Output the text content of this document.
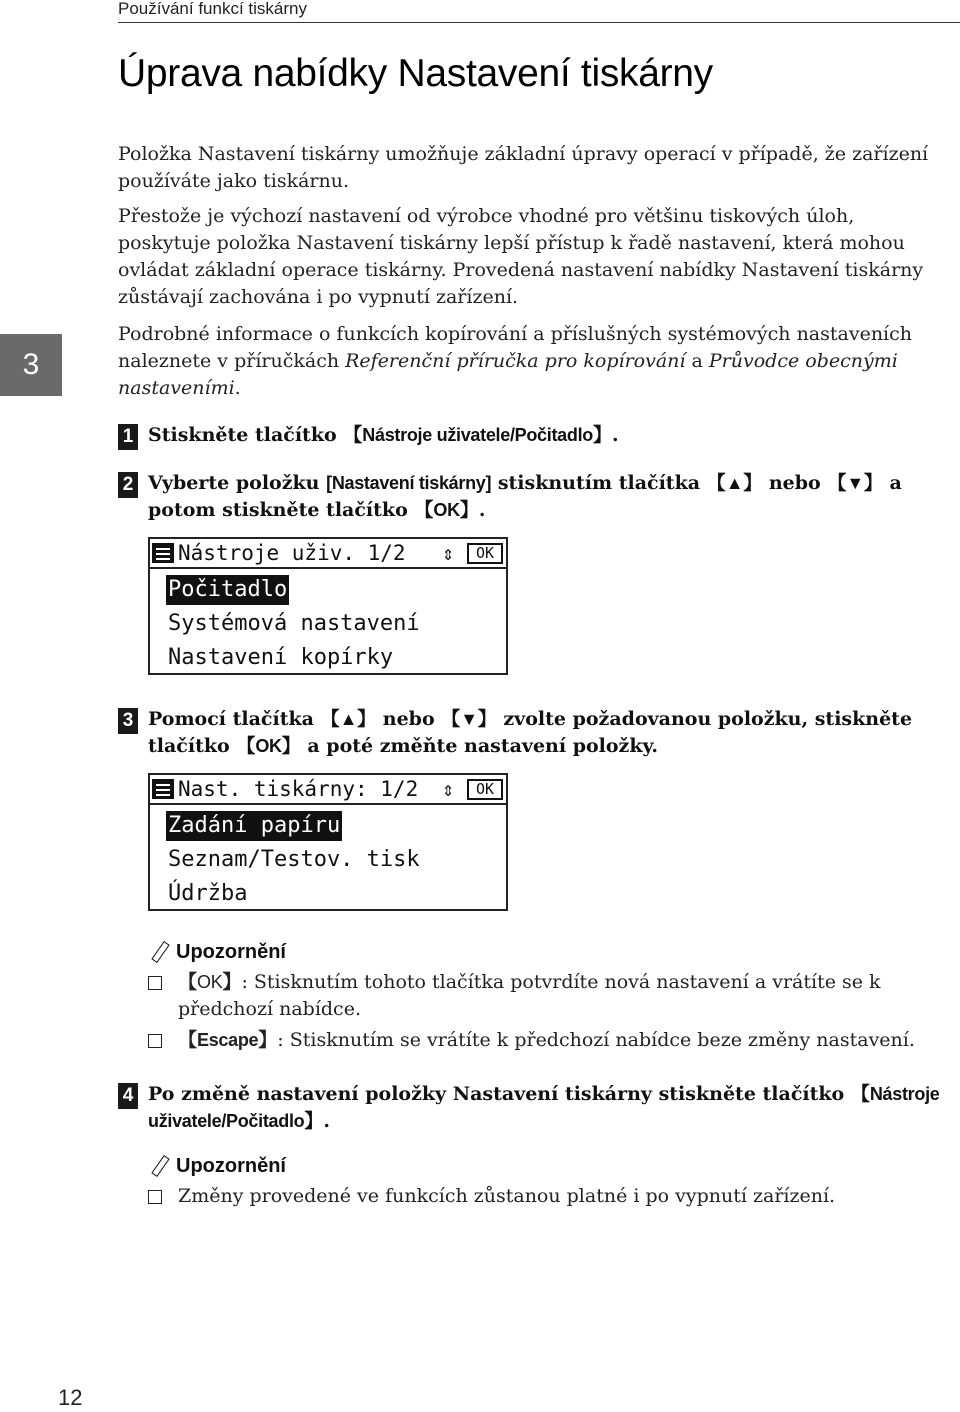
Používání funkcí tiskárny
3
Úprava nabídky Nastavení tiskárny

Položka Nastavení tiskárny umožňuje základní úpravy operací v případě, že zařízení používáte jako tiskárnu.

Přestože je výchozí nastavení od výrobce vhodné pro většinu tiskových úloh, poskytuje položka Nastavení tiskárny lepší přístup k řadě nastavení, která mohou ovládat základní operace tiskárny. Provedená nastavení nabídky Nastavení tiskárny zůstávají zachována i po vypnutí zařízení.

Podrobné informace o funkcích kopírování a příslušných systémových nastaveních naleznete v příručkách Referenční příručka pro kopírování a Průvodce obecnými nastaveními.

1 Stiskněte tlačítko 【Nástroje uživatele/Počitadlo】.
2 Vyberte položku [Nastavení tiskárny] stisknutím tlačítka 【▲】 nebo 【▼】 a potom stiskněte tlačítko 【OK】.
Nástroje uživ. 1/2	⇕	OK
Počitadlo
Systémová nastavení
Nastavení kopírky
3 Pomocí tlačítka 【▲】 nebo 【▼】 zvolte požadovanou položku, stiskněte tlačítko 【OK】 a poté změňte nastavení položky.
Nast. tiskárny: 1/2	⇕	OK
Zadání papíru
Seznam/Testov. tisk
Údržba
Upozornění
【OK】: Stisknutím tohoto tlačítka potvrdíte nová nastavení a vrátíte se k předchozí nabídce.
【Escape】: Stisknutím se vrátíte k předchozí nabídce beze změny nastavení.
4 Po změně nastavení položky Nastavení tiskárny stiskněte tlačítko 【Nástroje uživatele/Počitadlo】.
Upozornění
Změny provedené ve funkcích zůstanou platné i po vypnutí zařízení.
12
